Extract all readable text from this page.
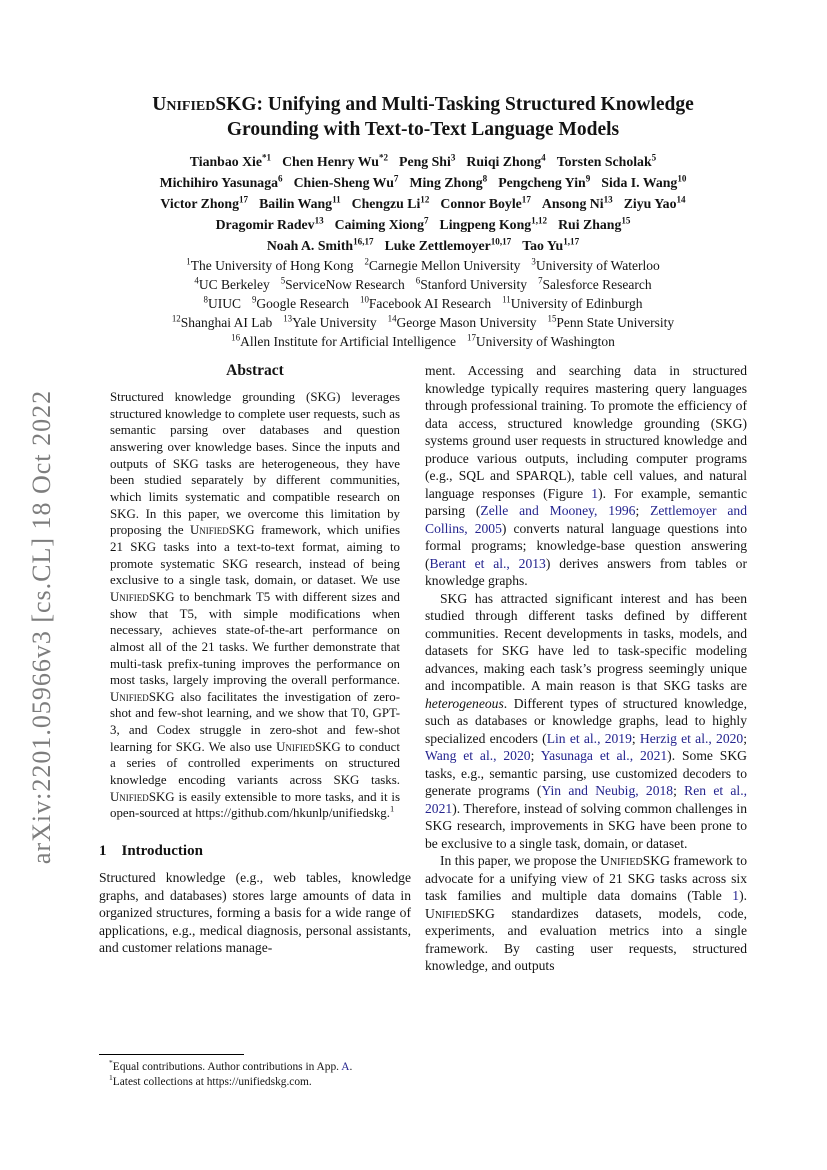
arXiv:2201.05966v3 [cs.CL] 18 Oct 2022
UnifiedSKG: Unifying and Multi-Tasking Structured Knowledge
Grounding with Text-to-Text Language Models
Tianbao Xie$^{*1}$ Chen Henry Wu$^{*2}$ Peng Shi$^3$ Ruiqi Zhong$^4$ Torsten Scholak$^5$
Michihiro Yasunaga$^6$ Chien-Sheng Wu$^7$ Ming Zhong$^8$ Pengcheng Yin$^9$ Sida I. Wang$^{10}$
Victor Zhong$^{17}$ Bailin Wang$^{11}$ Chengzu Li$^{12}$ Connor Boyle$^{17}$ Ansong Ni$^{13}$ Ziyu Yao$^{14}$
Dragomir Radev$^{13}$ Caiming Xiong$^7$ Lingpeng Kong$^{1,12}$ Rui Zhang$^{15}$
Noah A. Smith$^{16,17}$ Luke Zettlemoyer$^{10,17}$ Tao Yu$^{1,17}$
$^1$The University of Hong Kong $^2$Carnegie Mellon University $^3$University of Waterloo
$^4$UC Berkeley $^5$ServiceNow Research $^6$Stanford University $^7$Salesforce Research
$^8$UIUC $^9$Google Research $^{10}$Facebook AI Research $^{11}$University of Edinburgh
$^{12}$Shanghai AI Lab $^{13}$Yale University $^{14}$George Mason University $^{15}$Penn State University
$^{16}$Allen Institute for Artificial Intelligence $^{17}$University of Washington
Abstract
Structured knowledge grounding (SKG) leverages structured knowledge to complete user requests, such as semantic parsing over databases and question answering over knowledge bases. Since the inputs and outputs of SKG tasks are heterogeneous, they have been studied separately by different communities, which limits systematic and compatible research on SKG. In this paper, we overcome this limitation by proposing the UnifiedSKG framework, which unifies 21 SKG tasks into a text-to-text format, aiming to promote systematic SKG research, instead of being exclusive to a single task, domain, or dataset. We use UnifiedSKG to benchmark T5 with different sizes and show that T5, with simple modifications when necessary, achieves state-of-the-art performance on almost all of the 21 tasks. We further demonstrate that multi-task prefix-tuning improves the performance on most tasks, largely improving the overall performance. UnifiedSKG also facilitates the investigation of zero-shot and few-shot learning, and we show that T0, GPT-3, and Codex struggle in zero-shot and few-shot learning for SKG. We also use UnifiedSKG to conduct a series of controlled experiments on structured knowledge encoding variants across SKG tasks. UnifiedSKG is easily extensible to more tasks, and it is open-sourced at https://github.com/hkunlp/unifiedskg.$^1$
1 Introduction

Structured knowledge (e.g., web tables, knowledge graphs, and databases) stores large amounts of data in organized structures, forming a basis for a wide range of applications, e.g., medical diagnosis, personal assistants, and customer relations manage-

*Equal contributions. Author contributions in App. A.
$^1$Latest collections at https://unifiedskg.com.

ment. Accessing and searching data in structured knowledge typically requires mastering query languages through professional training. To promote the efficiency of data access, structured knowledge grounding (SKG) systems ground user requests in structured knowledge and produce various outputs, including computer programs (e.g., SQL and SPARQL), table cell values, and natural language responses (Figure 1). For example, semantic parsing (Zelle and Mooney, 1996; Zettlemoyer and Collins, 2005) converts natural language questions into formal programs; knowledge-base question answering (Berant et al., 2013) derives answers from tables or knowledge graphs.

SKG has attracted significant interest and has been studied through different tasks defined by different communities. Recent developments in tasks, models, and datasets for SKG have led to task-specific modeling advances, making each task’s progress seemingly unique and incompatible. A main reason is that SKG tasks are heterogeneous. Different types of structured knowledge, such as databases or knowledge graphs, lead to highly specialized encoders (Lin et al., 2019; Herzig et al., 2020; Wang et al., 2020; Yasunaga et al., 2021). Some SKG tasks, e.g., semantic parsing, use customized decoders to generate programs (Yin and Neubig, 2018; Ren et al., 2021). Therefore, instead of solving common challenges in SKG research, improvements in SKG have been prone to be exclusive to a single task, domain, or dataset.

In this paper, we propose the UnifiedSKG framework to advocate for a unifying view of 21 SKG tasks across six task families and multiple data domains (Table 1). UnifiedSKG standardizes datasets, models, code, experiments, and evaluation metrics into a single framework. By casting user requests, structured knowledge, and outputs
